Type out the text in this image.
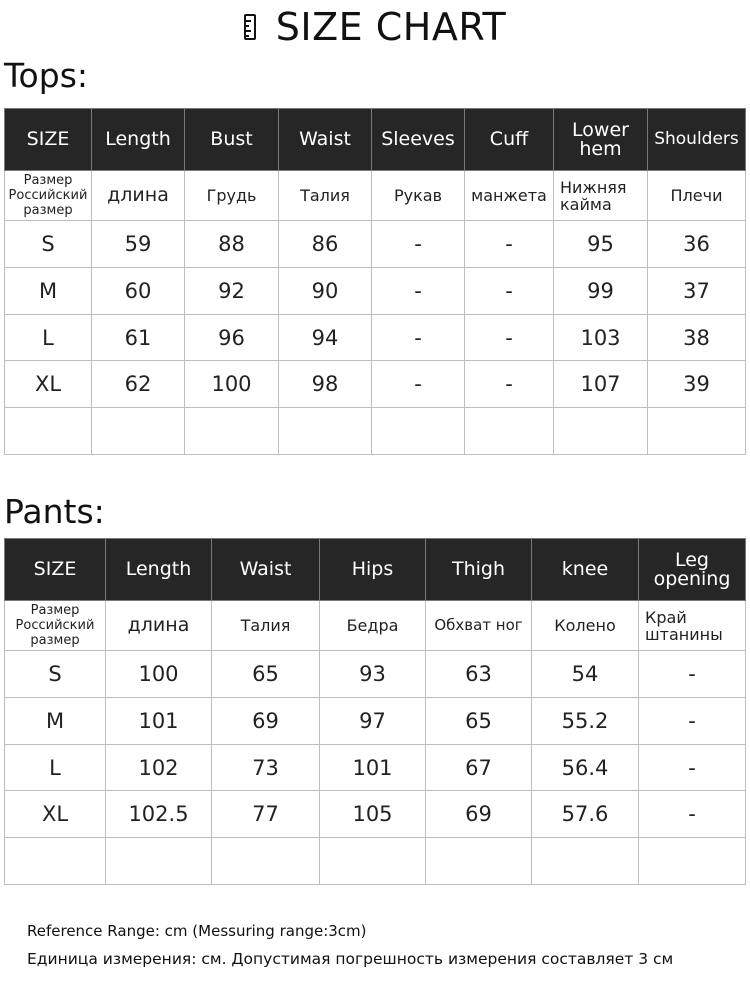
SIZE CHART
Tops:
SIZE	Length	Bust	Waist	Sleeves	Cuff	Lower hem	Shoulders
Размер Российский размер	длина	Грудь	Талия	Рукав	манжета	Нижняя кайма	Плечи
S	59	88	86	-	-	95	36
M	60	92	90	-	-	99	37
L	61	96	94	-	-	103	38
XL	62	100	98	-	-	107	39

Pants:
SIZE	Length	Waist	Hips	Thigh	knee	Leg opening
Размер Российский размер	длина	Талия	Бедра	Обхват ног	Колено	Край штанины
S	100	65	93	63	54	-
M	101	69	97	65	55.2	-
L	102	73	101	67	56.4	-
XL	102.5	77	105	69	57.6	-

Reference Range: cm (Messuring range:3cm)
Единица измерения: см. Допустимая погрешность измерения составляет 3 см
